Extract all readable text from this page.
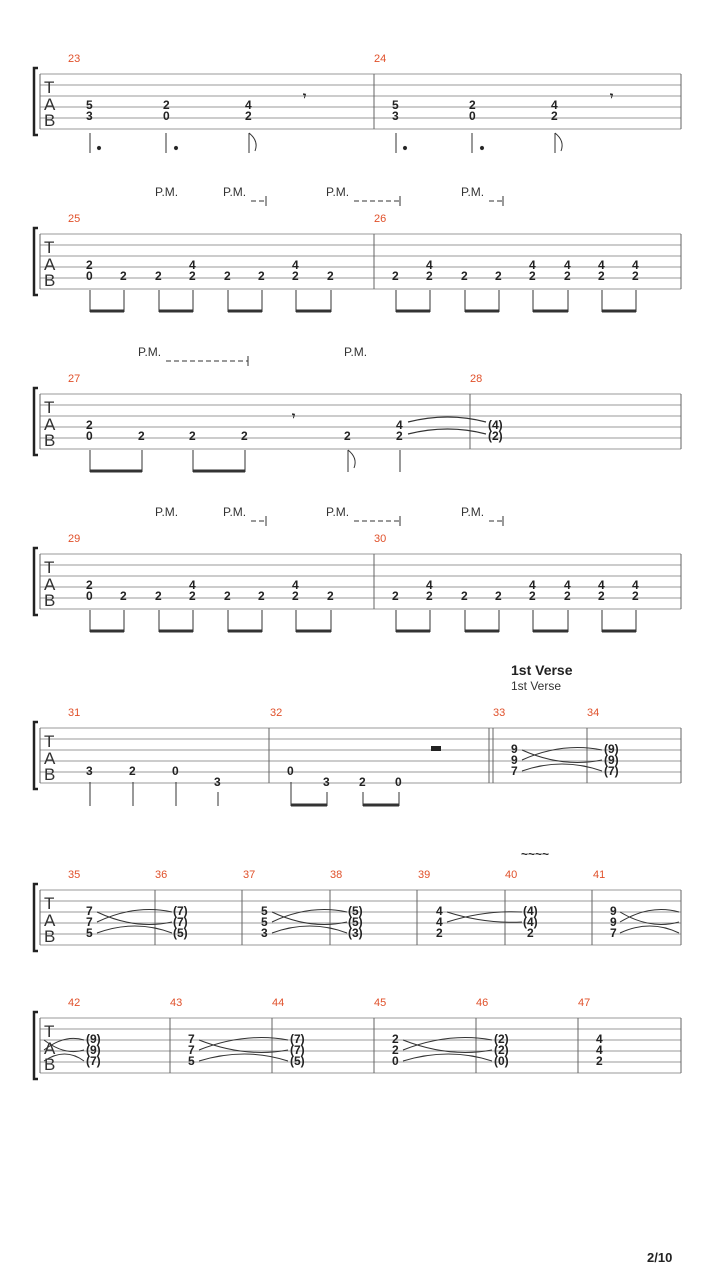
T
A
B
23	24
5
3
2
0
4
2
5
3
2
0
4
2
𝄾	𝄾
P.M.	P.M.	P.M.	P.M.
T
A
B
25	26
2
0 2 2
4
2 2 2
4
2 2	2
4
2 2 2
4
2
4
2
4
2
4
2
P.M.	P.M.
T
A
B
27	28
2
0	2	2	2	2
4
2
(4)
(2)
𝄾
P.M.	P.M.	P.M.	P.M.
T
A
B
29	30
2
0 2 2
4
2 2 2
4
2 2	2
4
2 2 2
4
2
4
2
4
2
4
2
1st Verse
1st Verse
T
A
B
31	32	33	34
3	2	0
3
0
3 2 0
9
9
7
(9)
(9)
(7)
~~~~
T
A
B
35	36	37	38	39	40	41
7
7
5
(7)
(7)
(5)
5
5
3
(5)
(5)
(3)
4
4
2
(4)
(4)
2
9
9
7
T
A
B
42	43	44	45	46	47
(9)
(9)
(7)
7
7
5
(7)
(7)
(5)
2
2
0
(2)
(2)
(0)
4
4
2
2/10
